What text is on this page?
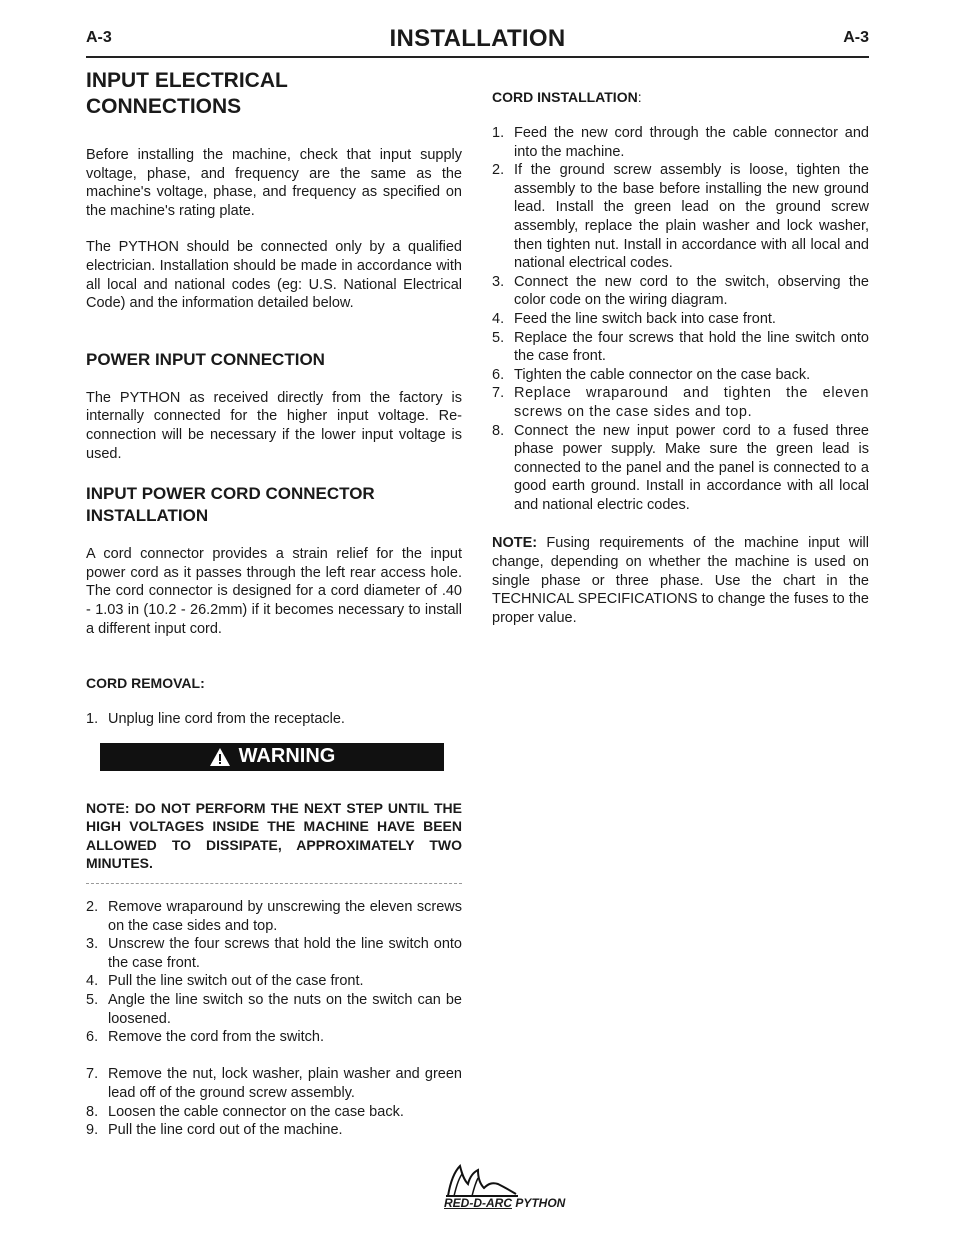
A-3	INSTALLATION	A-3
INPUT ELECTRICAL
CONNECTIONS

Before installing the machine, check that input supply voltage, phase, and frequency are the same as the machine's voltage, phase, and frequency as specified on the machine's rating plate.

The PYTHON should be connected only by a qualified electrician. Installation should be made in accordance with all local and national codes (eg: U.S. National Electrical Code) and the information detailed below.

POWER INPUT CONNECTION

The PYTHON as received directly from the factory is internally connected for the higher input voltage. Re-connection will be necessary if the lower input voltage is used.

INPUT POWER CORD CONNECTOR
INSTALLATION

A cord connector provides a strain relief for the input power cord as it passes through the left rear access hole. The cord connector is designed for a cord diameter of .40 - 1.03 in (10.2 - 26.2mm) if it becomes necessary to install a different input cord.

CORD REMOVAL:
1. Unplug line cord from the receptacle.
WARNING

NOTE: DO NOT PERFORM THE NEXT STEP UNTIL THE HIGH VOLTAGES INSIDE THE MACHINE HAVE BEEN ALLOWED TO DISSIPATE, APPROXIMATELY TWO MINUTES.

2. Remove wraparound by unscrewing the eleven screws on the case sides and top.
3. Unscrew the four screws that hold the line switch onto the case front.
4. Pull the line switch out of the case front.
5. Angle the line switch so the nuts on the switch can be loosened.
6. Remove the cord from the switch.
7. Remove the nut, lock washer, plain washer and green lead off of the ground screw assembly.
8. Loosen the cable connector on the case back.
9. Pull the line cord out of the machine.
CORD INSTALLATION:
1. Feed the new cord through the cable connector and into the machine.
2. If the ground screw assembly is loose, tighten the assembly to the base before installing the new ground lead. Install the green lead on the ground screw assembly, replace the plain washer and lock washer, then tighten nut. Install in accordance with all local and national electrical codes.
3. Connect the new cord to the switch, observing the color code on the wiring diagram.
4. Feed the line switch back into case front.
5. Replace the four screws that hold the line switch onto the case front.
6. Tighten the cable connector on the case back.
7. Replace wraparound and tighten the eleven screws on the case sides and top.
8. Connect the new input power cord to a fused three phase power supply. Make sure the green lead is connected to the panel and the panel is connected to a good earth ground. Install in accordance with all local and national electric codes.

NOTE: Fusing requirements of the machine input will change, depending on whether the machine is used on single phase or three phase. Use the chart in the TECHNICAL SPECIFICATIONS to change the fuses to the proper value.

RED-D-ARC PYTHON
